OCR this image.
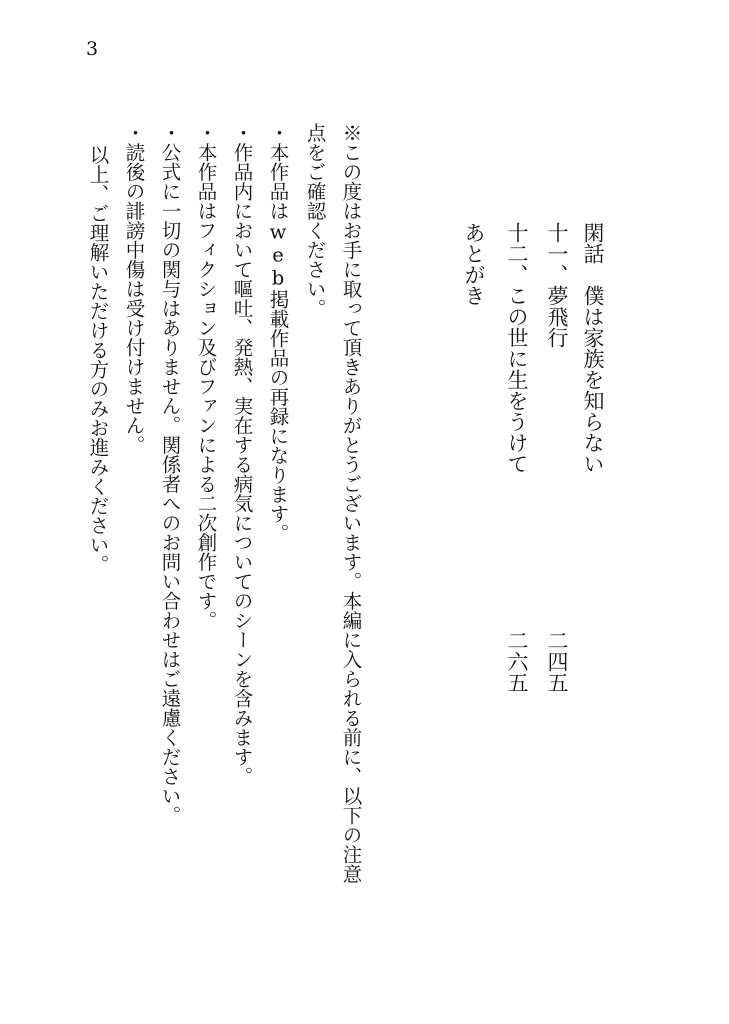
3
閑話　僕は家族を知らない
二四五
十一、夢飛行
十二、この世に生をうけて
二六五
あとがき
※この度はお手に取って頂きありがとうございます。本編に入られる前に、以下の注意
点をご確認ください。
・本作品はweb掲載作品の再録になります。
・作品内において嘔吐、発熱、実在する病気についてのシーンを含みます。
・本作品はフィクション及びファンによる二次創作です。
・公式に一切の関与はありません。関係者へのお問い合わせはご遠慮ください。
・読後の誹謗中傷は受け付けません。
以上、ご理解いただける方のみお進みください。
